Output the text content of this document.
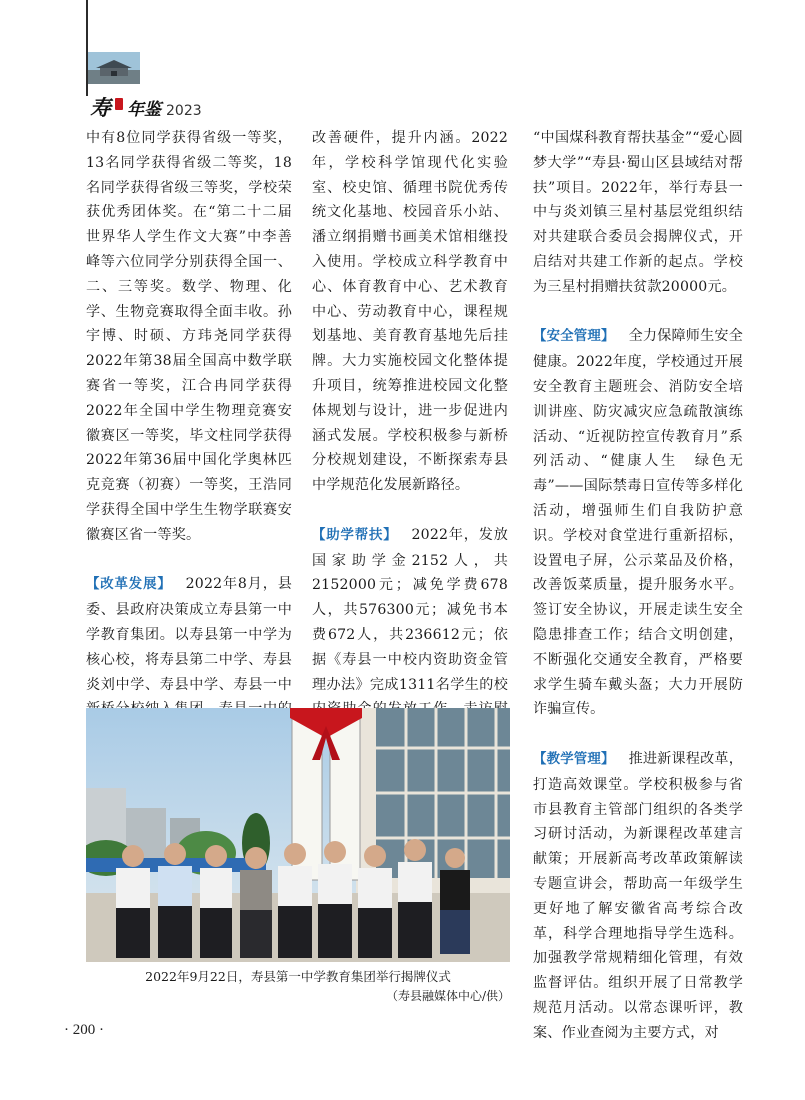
寿 年鉴 2023

中有8位同学获得省级一等奖，13名同学获得省级二等奖，18名同学获得省级三等奖，学校荣获优秀团体奖。在“第二十二届世界华人学生作文大赛”中李善峰等六位同学分别获得全国一、二、三等奖。数学、物理、化学、生物竞赛取得全面丰收。孙宇博、时硕、方玮尧同学获得2022年第38届全国高中数学联赛省一等奖，江合冉同学获得2022年全国中学生物理竞赛安徽赛区一等奖，毕文柱同学获得2022年第36届中国化学奥林匹克竞赛（初赛）一等奖，王浩同学获得全国中学生生物学联赛安徽赛区省一等奖。

【改革发展】 2022年8月，县委、县政府决策成立寿县第一中学教育集团。以寿县第一中学为核心校，将寿县第二中学、寿县炎刘中学、寿县中学、寿县一中

改善硬件，提升内涵。2022年，学校科学馆现代化实验室、校史馆、循理书院优秀传统文化基地、校园音乐小站、潘立纲捐赠书画美术馆相继投入使用。学校成立科学教育中心、体育教育中心、艺术教育中心、劳动教育中心，课程规划基地、美育教育基地先后挂牌。大力实施校园文化整体提升项目，统筹推进校园文化整体规划与设计，进一步促进内涵式发展。学校积极参与新桥分校规划建设，不断探索寿县中学规范化发展新路径。

【助学帮扶】 2022年，发放国家助学金2152人，共2152000元；减免学费678人，共576300元；减免书本费672人，共236612元；依据《寿县一中校内资助资金管理办法》完成1311名学生的校

“中国煤科教育帮扶基金”“爱心圆梦大学”“寿县·蜀山区县域结对帮扶”项目。2022年，举行寿县一中与炎刘镇三星村基层党组织结对共建联合委员会揭牌仪式，开启结对共建工作新的起点。学校为三星村捐赠扶贫款20000元。

【安全管理】 全力保障师生安全健康。2022年度，学校通过开展安全教育主题班会、消防安全培训讲座、防灾减灾应急疏散演练活动、“近视防控宣传教育月”系列活动、“健康人生　绿色无毒”——国际禁毒日宣传等多样化活动，增强师生们自我防护意识。学校对食堂进行重新招标，设置电子屏，公示菜品及价格，改善饭菜质量，提升服务水平。签订安全协议，开展走读生安全隐患排查工作；结合文明创建，不断强化交通安全教育，严格要求学生骑车戴头盔；大力开展防诈骗宣传。

【教学管理】 推进新课程改革，打造高效课堂。学校积极参与省市县教育主管部门组织的各类学习研讨活动，为新课程改革建言献策；开展新高考改革政策解读专题宣讲会，帮助高一年级学生更好地了解安徽省高考综合改革，科学合理地指导学生选科。加强教学常规精细化管理，有效监督评估。组织开展了日常教学规范月活动。以常态课听评，教案、作业查阅为主要方式，对

2022年9月22日，寿县第一中学教育集团举行揭牌仪式
（寿县融媒体中心/供）
· 200 ·
